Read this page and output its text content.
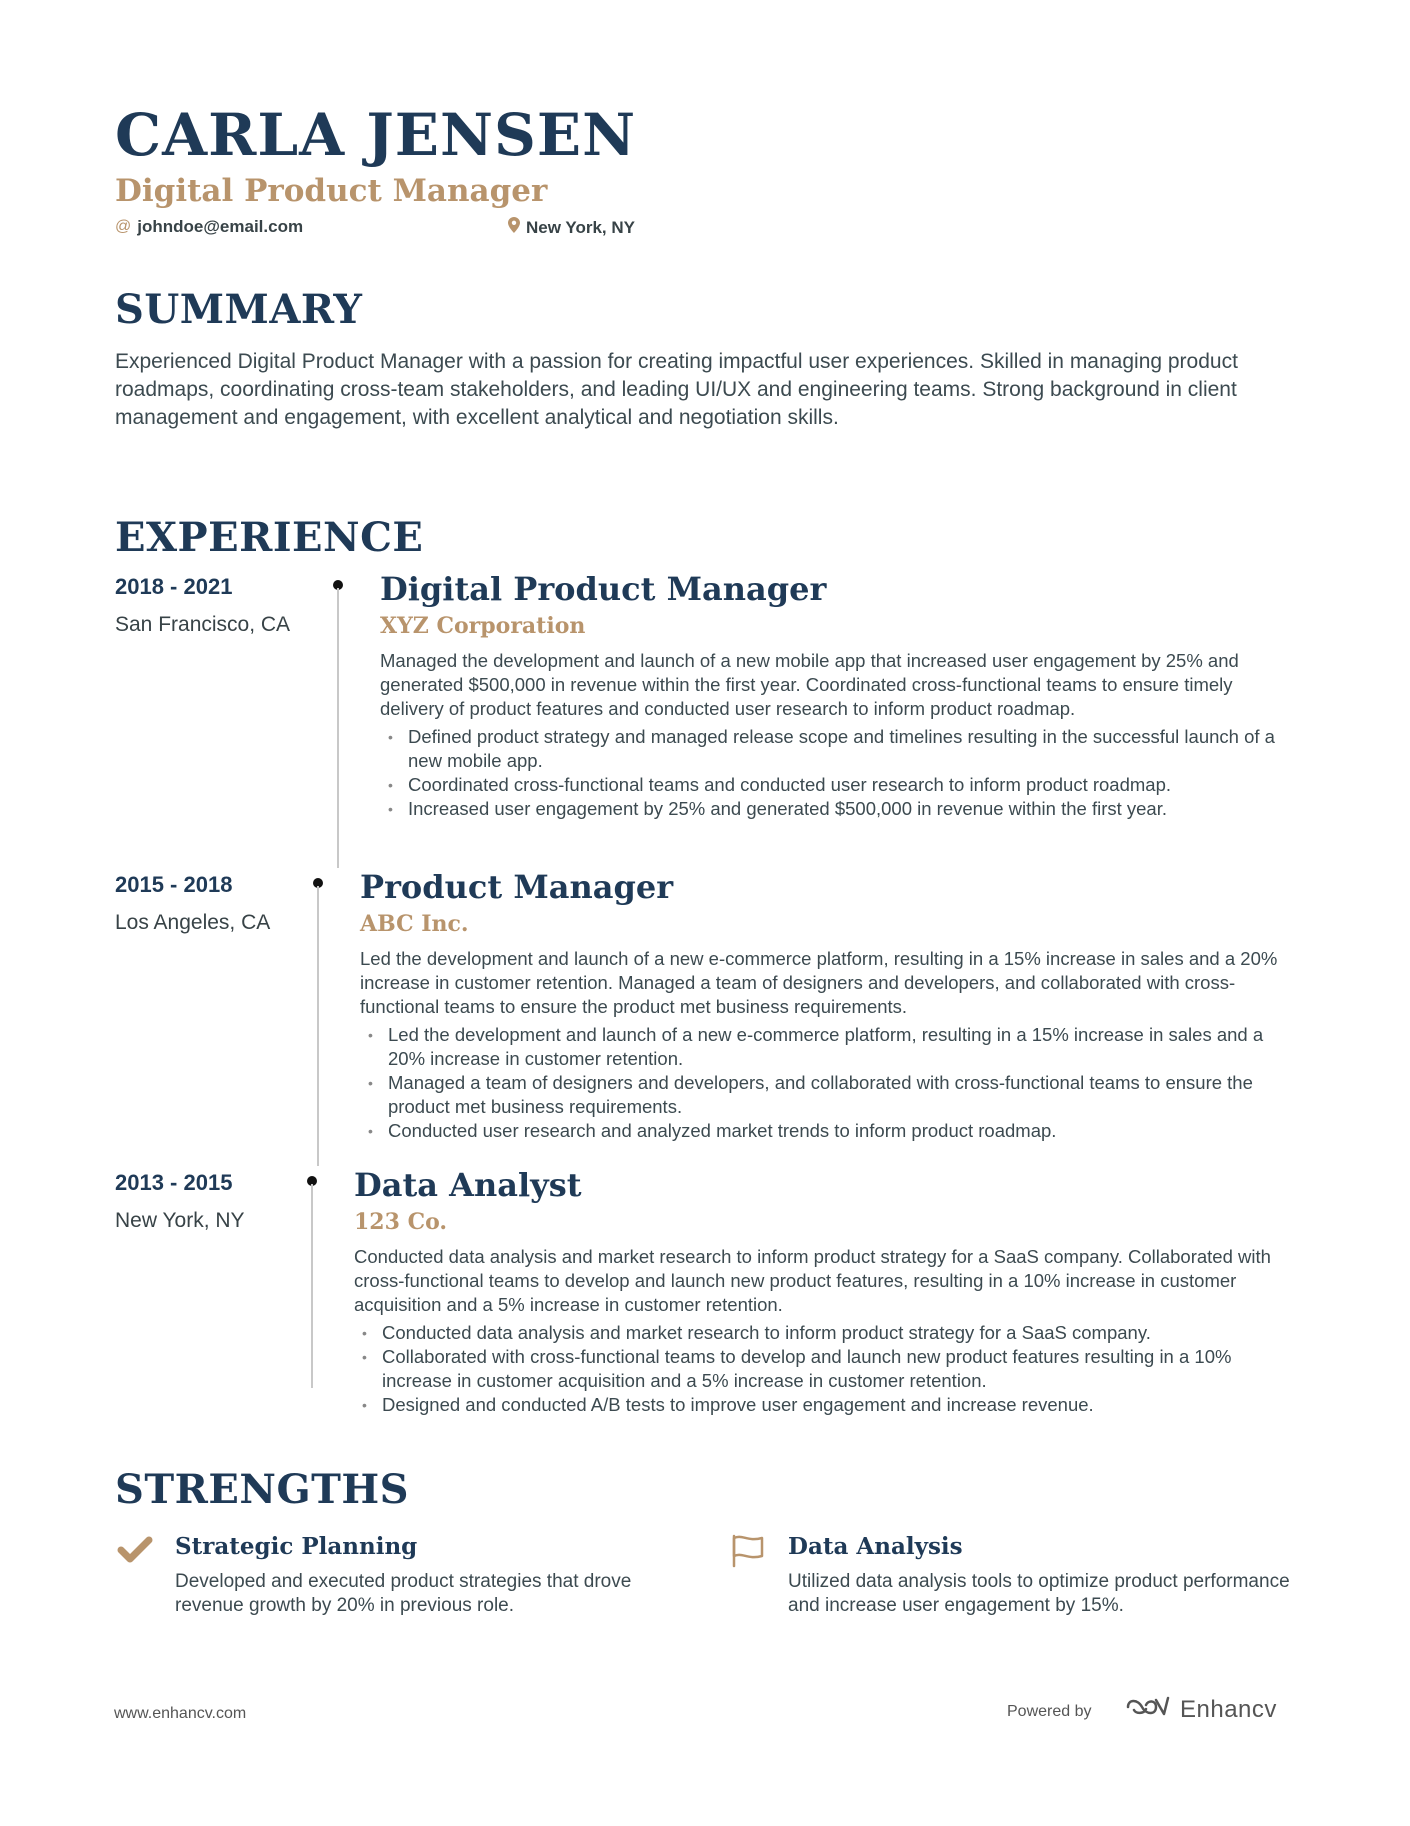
CARLA JENSEN
Digital Product Manager
@ johndoe@email.com	New York, NY
SUMMARY

Experienced Digital Product Manager with a passion for creating impactful user experiences. Skilled in managing product roadmaps, coordinating cross-team stakeholders, and leading UI/UX and engineering teams. Strong background in client management and engagement, with excellent analytical and negotiation skills.

EXPERIENCE
2018 - 2021
San Francisco, CA
Digital Product Manager
XYZ Corporation

Managed the development and launch of a new mobile app that increased user engagement by 25% and generated $500,000 in revenue within the first year. Coordinated cross-functional teams to ensure timely delivery of product features and conducted user research to inform product roadmap.

• Defined product strategy and managed release scope and timelines resulting in the successful launch of a new mobile app.
• Coordinated cross-functional teams and conducted user research to inform product roadmap.
• Increased user engagement by 25% and generated $500,000 in revenue within the first year.
2015 - 2018
Los Angeles, CA
Product Manager
ABC Inc.

Led the development and launch of a new e-commerce platform, resulting in a 15% increase in sales and a 20% increase in customer retention. Managed a team of designers and developers, and collaborated with cross-functional teams to ensure the product met business requirements.

• Led the development and launch of a new e-commerce platform, resulting in a 15% increase in sales and a 20% increase in customer retention.
• Managed a team of designers and developers, and collaborated with cross-functional teams to ensure the product met business requirements.
• Conducted user research and analyzed market trends to inform product roadmap.
2013 - 2015
New York, NY
Data Analyst
123 Co.

Conducted data analysis and market research to inform product strategy for a SaaS company. Collaborated with cross-functional teams to develop and launch new product features, resulting in a 10% increase in customer acquisition and a 5% increase in customer retention.

• Conducted data analysis and market research to inform product strategy for a SaaS company.
• Collaborated with cross-functional teams to develop and launch new product features resulting in a 10% increase in customer acquisition and a 5% increase in customer retention.
• Designed and conducted A/B tests to improve user engagement and increase revenue.
STRENGTHS
Strategic Planning

Developed and executed product strategies that drove revenue growth by 20% in previous role.

Data Analysis

Utilized data analysis tools to optimize product performance and increase user engagement by 15%.

www.enhancv.com	Powered by	Enhancv
